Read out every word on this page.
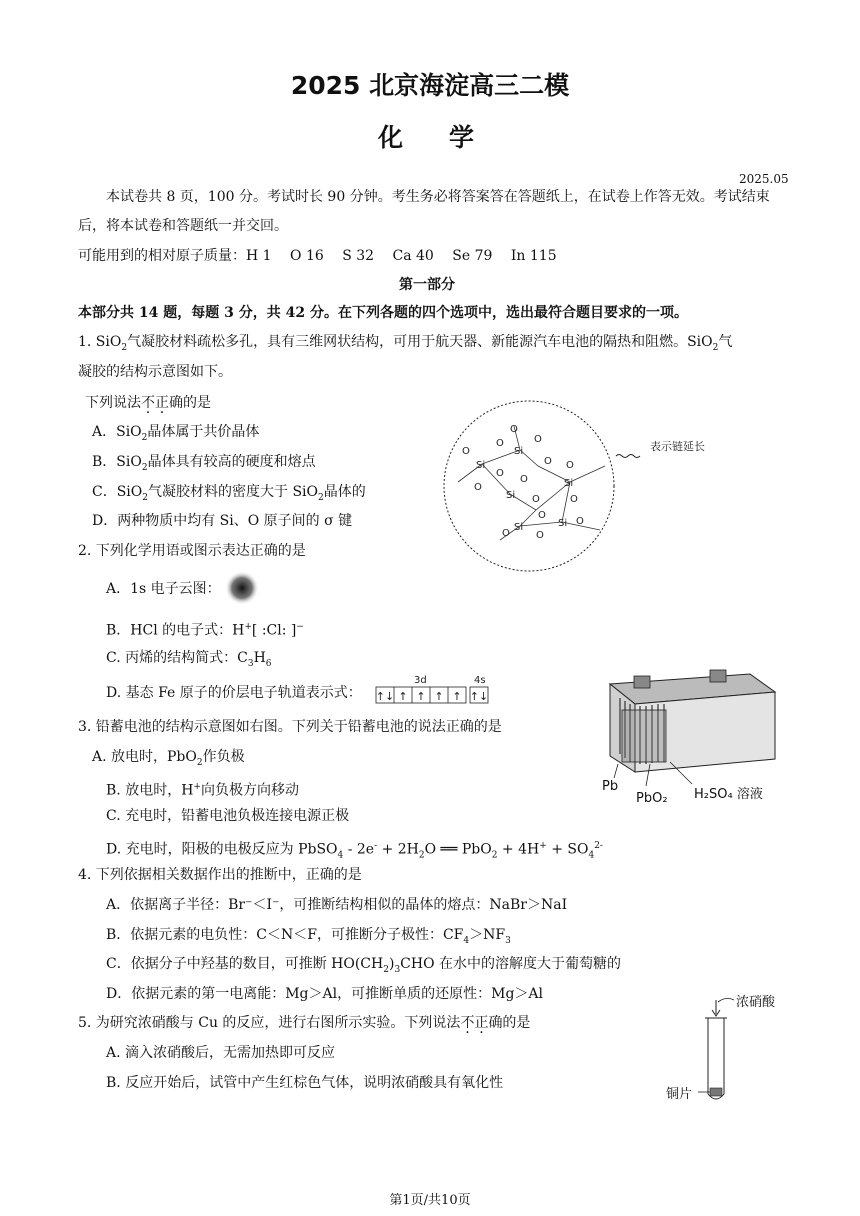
2025 北京海淀高三二模
化学
2025.05
本试卷共 8 页，100 分。考试时长 90 分钟。考生务必将答案答在答题纸上，在试卷上作答无效。考试结束
后，将本试卷和答题纸一并交回。
可能用到的相对原子质量：H 1　 O 16　 S 32　 Ca 40　 Se 79　 In 115
第一部分
本部分共 14 题，每题 3 分，共 42 分。在下列各题的四个选项中，选出最符合题目要求的一项。
1. SiO$_2$气凝胶材料疏松多孔，具有三维网状结构，可用于航天器、新能源汽车电池的隔热和阻燃。SiO$_2$气
凝胶的结构示意图如下。
下列说法不正确的是
A．SiO$_2$晶体属于共价晶体
B．SiO$_2$晶体具有较高的硬度和熔点
C．SiO$_2$气凝胶材料的密度大于 SiO$_2$晶体的
D．两种物质中均有 Si、O 原子间的 σ 键
Si
Si
Si
Si
Si	Si
O
O	O
O
O
O
O
O
O
O	O
O
O
O
O
表示链延长
2. 下列化学用语或图示表达正确的是
A．1s 电子云图：
B．HCl 的电子式：H+[ :Cl: ]−
C. 丙烯的结构简式：$C_3H_6$
D. 基态 Fe 原子的价层电子轨道表示式：
3d	4s
↑↓ ↑ ↑ ↑ ↑ ↑↓
3. 铅蓄电池的结构示意图如右图。下列关于铅蓄电池的说法正确的是
A. 放电时，PbO$_2$作负极
B. 放电时，H+向负极方向移动
C. 充电时，铅蓄电池负极连接电源正极
D. 充电时，阳极的电极反应为 PbSO$_4$ - $2e^- + 2H_2O$ ══ $PbO_2 + 4H^+ + SO_4^{2-}$
Pb
PbO₂ H₂SO₄ 溶液
4. 下列依据相关数据作出的推断中，正确的是
A．依据离子半径：Br⁻＜I⁻，可推断结构相似的晶体的熔点：NaBr＞NaI
B．依据元素的电负性：C＜N＜F，可推断分子极性：$CF_4>NF_3$
C．依据分子中羟基的数目，可推断 $HO(CH_2)_3CHO$ 在水中的溶解度大于葡萄糖的
D．依据元素的第一电离能：Mg＞Al，可推断单质的还原性：Mg＞Al
5. 为研究浓硝酸与 Cu 的反应，进行右图所示实验。下列说法不正确的是
A. 滴入浓硝酸后，无需加热即可反应
B. 反应开始后，试管中产生红棕色气体，说明浓硝酸具有氧化性
浓硝酸
铜片
第1页/共10页
